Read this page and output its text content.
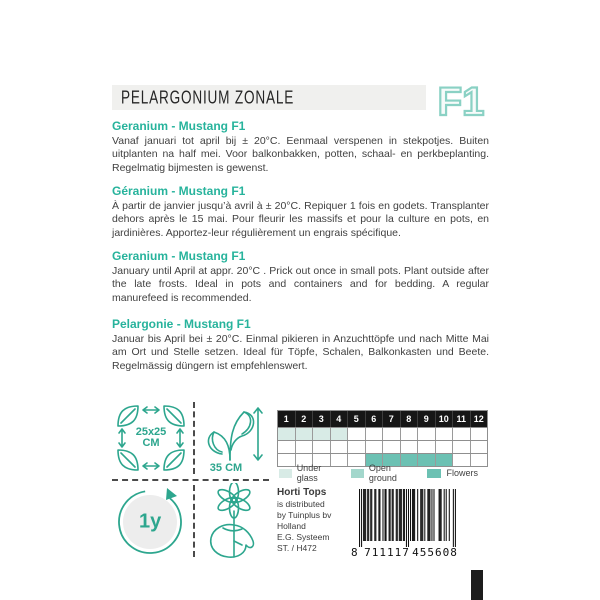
PELARGONIUM ZONALE	F1

Geranium - Mustang F1

Vanaf januari tot april bij ± 20°C. Eenmaal verspenen in stekpotjes. Buiten uitplanten na half mei. Voor balkonbakken, potten, schaal- en perkbeplanting. Regelmatig bijmesten is gewenst.

Géranium - Mustang F1

À partir de janvier jusqu’à avril à ± 20°C. Repiquer 1 fois en godets. Transplanter dehors après le 15 mai. Pour fleurir les massifs et pour la culture en pots, en jardinières. Apportez-leur régulièrement un engrais spécifique.

Geranium - Mustang F1

January until April at appr. 20°C . Prick out once in small pots. Plant outside after the late frosts. Ideal in pots and containers and for bedding. A regular manurefeed is recommended.

Pelargonie - Mustang F1

Januar bis April bei ± 20°C. Einmal pikieren in Anzuchttöpfe und nach Mitte Mai am Ort und Stelle setzen. Ideal für Töpfe, Schalen, Balkonkasten und Beete. Regelmässig düngern ist empfehlenswert.

25x25
CM
35 CM
1y
1	2	3	4	5	6	7	8	9	10 11 12
Under glass
Open ground	Flowers
Horti Tops
is distributed
by Tuinplus bv
Holland
E.G. Systeem
ST. / H472	8 711117 455608
